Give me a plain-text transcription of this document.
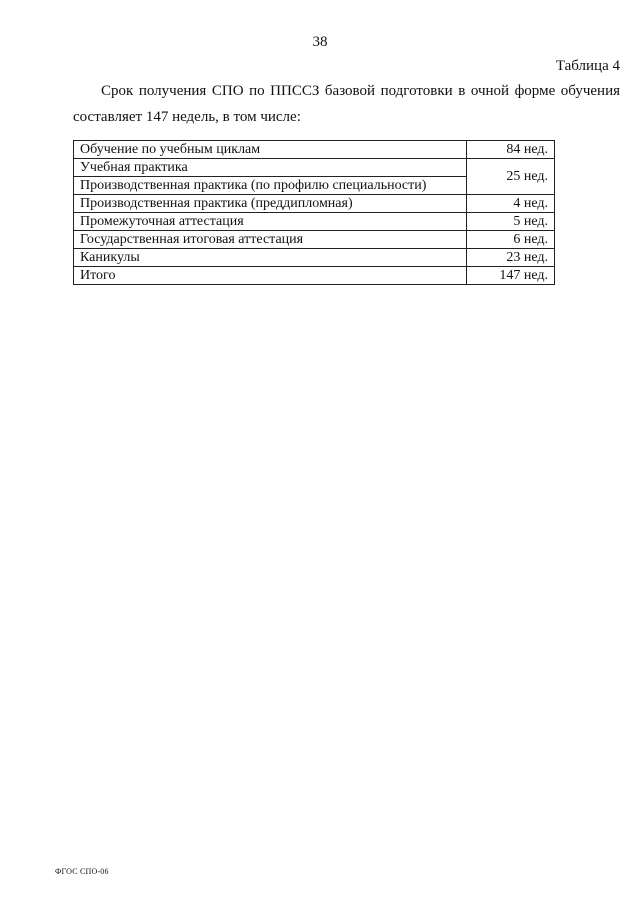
38
Таблица 4
Срок получения СПО по ППССЗ базовой подготовки в очной форме обучения составляет 147 недель, в том числе:
Обучение по учебным циклам	84 нед.
Учебная практика	25 нед.
Производственная практика (по профилю специальности)	
Производственная практика (преддипломная)	4 нед.
Промежуточная аттестация	5 нед.
Государственная итоговая аттестация	6 нед.
Каникулы	23 нед.
Итого	147 нед.
ФГОС СПО-06
